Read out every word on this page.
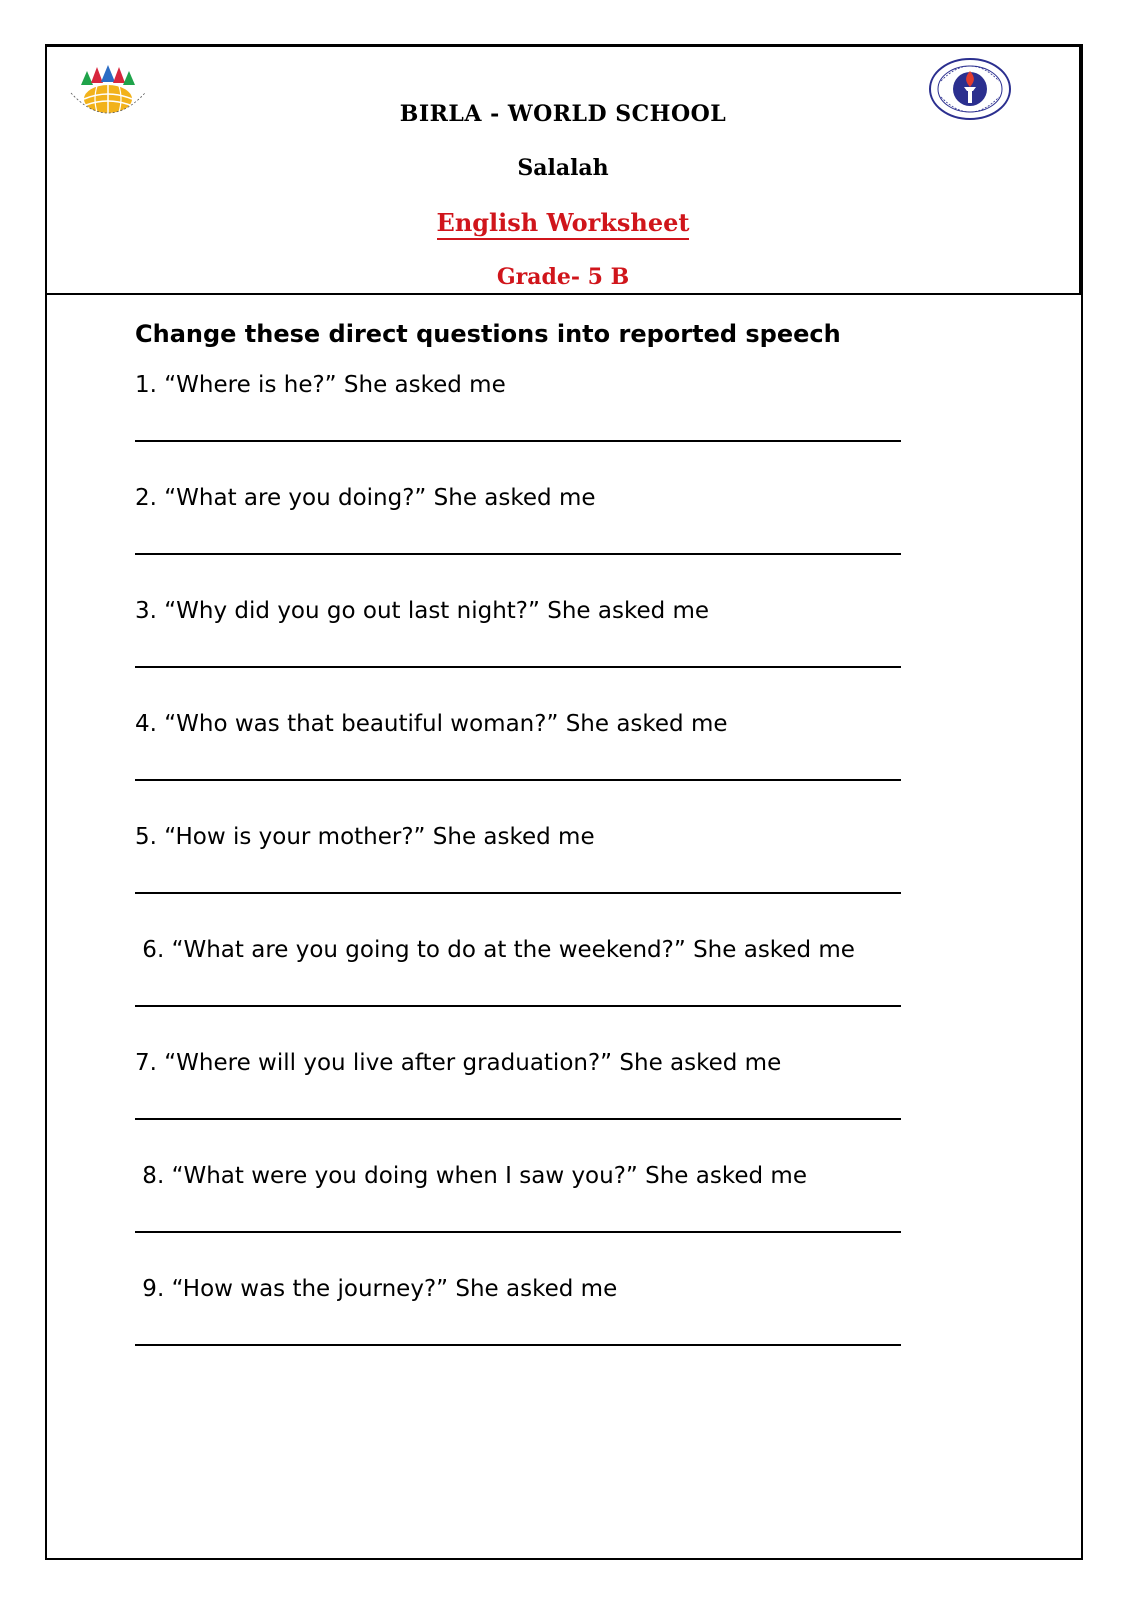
BIRLA - WORLD SCHOOL

Salalah

English Worksheet

Grade- 5 B

Change these direct questions into reported speech

1. “Where is he?” She asked me

2. “What are you doing?” She asked me

3. “Why did you go out last night?” She asked me

4. “Who was that beautiful woman?” She asked me

5. “How is your mother?” She asked me

6. “What are you going to do at the weekend?” She asked me

7. “Where will you live after graduation?” She asked me

8. “What were you doing when I saw you?” She asked me

9. “How was the journey?” She asked me
